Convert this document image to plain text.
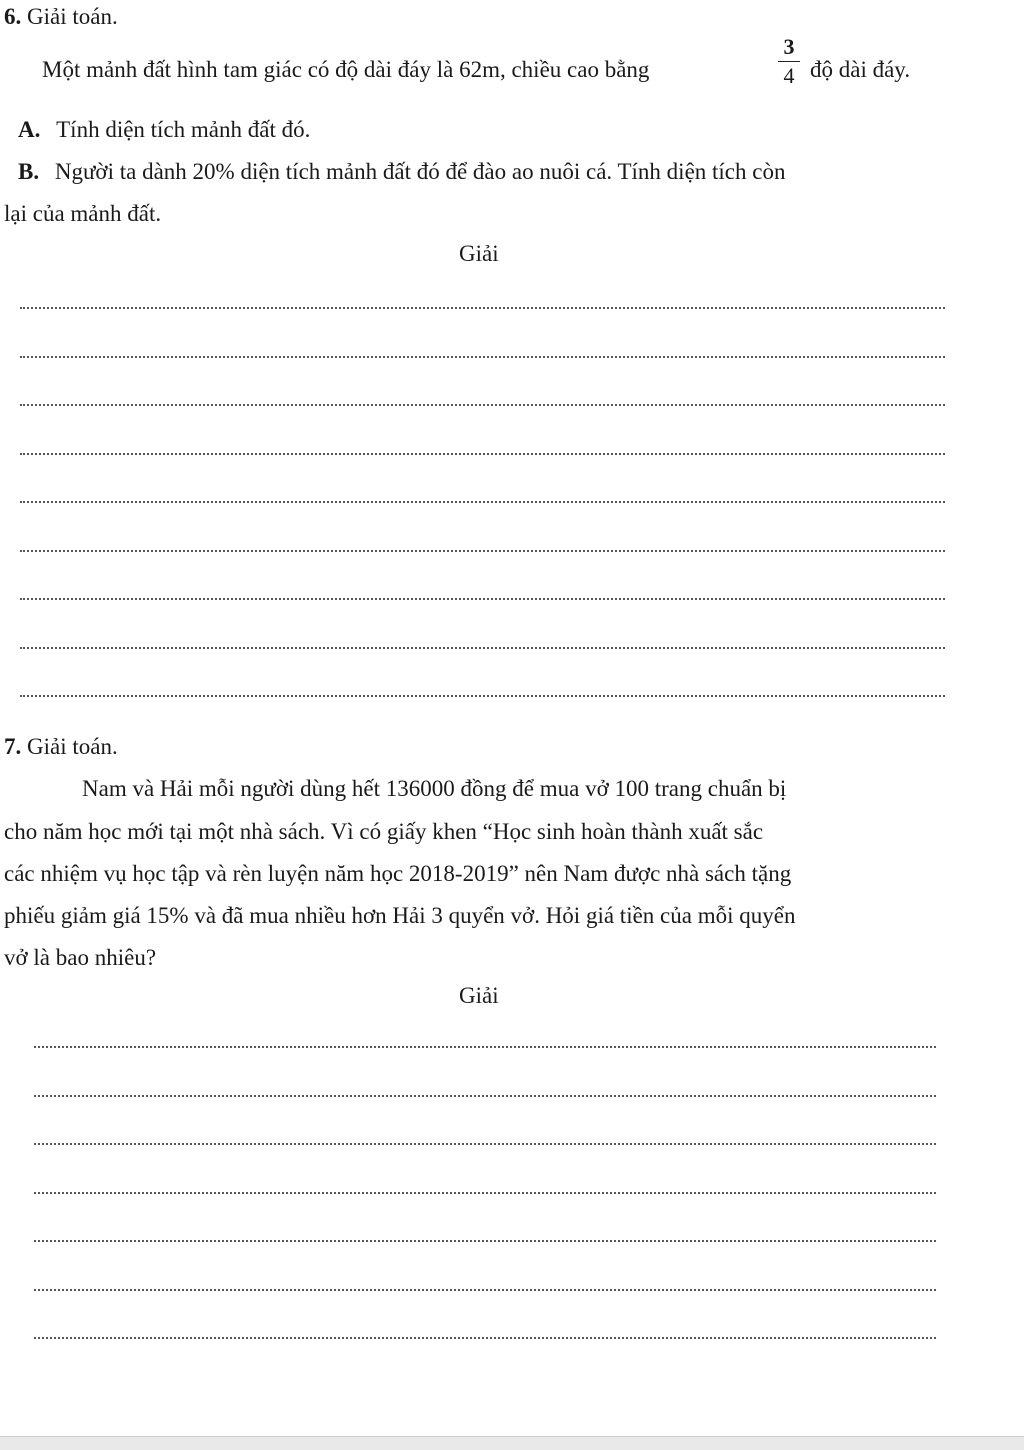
6. Giải toán.
Một mảnh đất hình tam giác có độ dài đáy là 62m, chiều cao bằng
3
4 độ dài đáy.
A. Tính diện tích mảnh đất đó.
B. Người ta dành 20% diện tích mảnh đất đó để đào ao nuôi cá. Tính diện tích còn
lại của mảnh đất.
Giải
7. Giải toán.
Nam và Hải mỗi người dùng hết 136000 đồng để mua vở 100 trang chuẩn bị
cho năm học mới tại một nhà sách. Vì có giấy khen “Học sinh hoàn thành xuất sắc
các nhiệm vụ học tập và rèn luyện năm học 2018-2019” nên Nam được nhà sách tặng
phiếu giảm giá 15% và đã mua nhiều hơn Hải 3 quyển vở. Hỏi giá tiền của mỗi quyển
vở là bao nhiêu?
Giải
